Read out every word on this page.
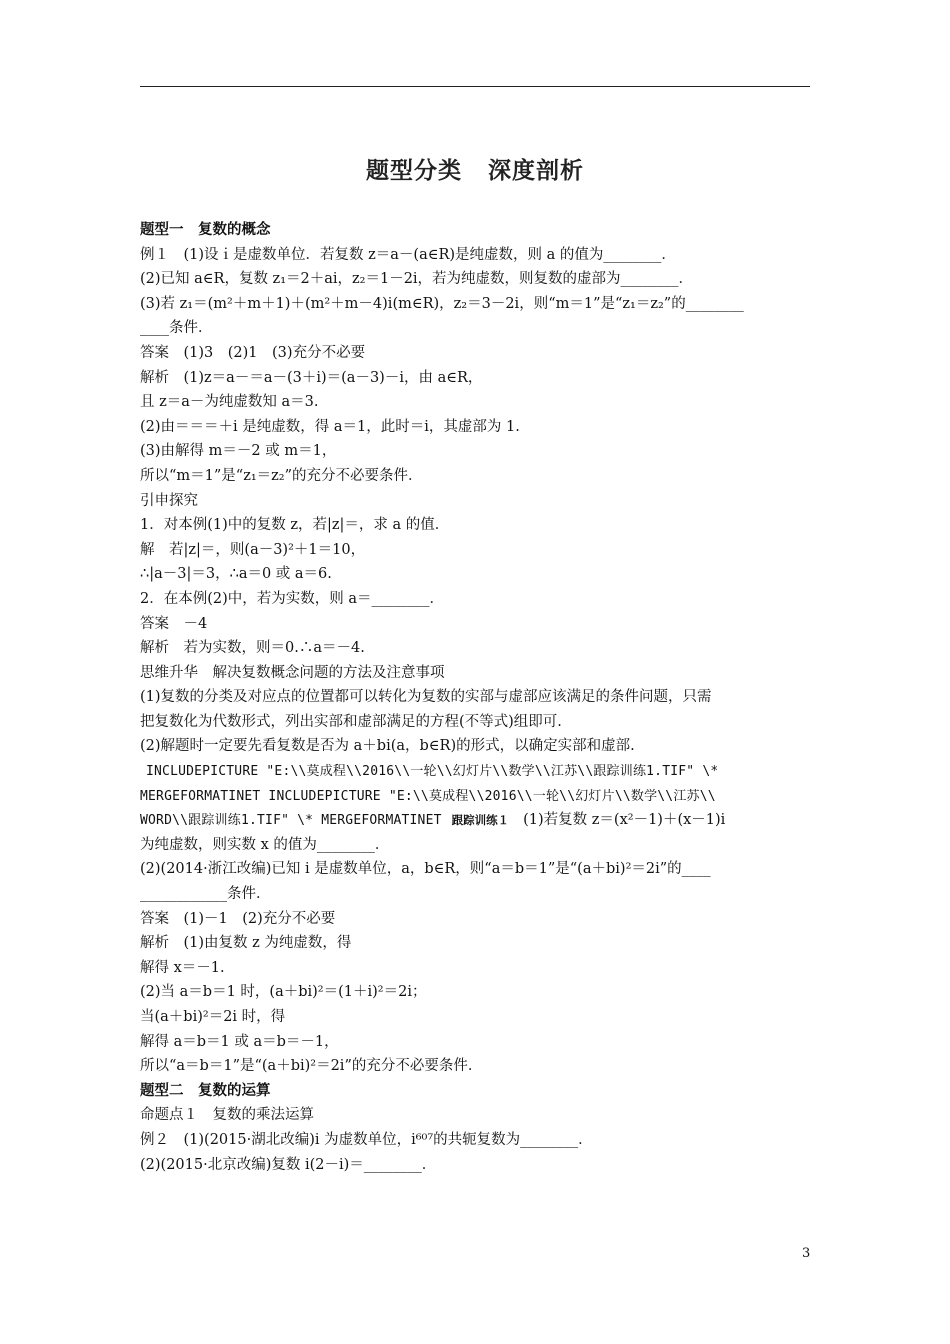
题型分类 深度剖析
题型一　复数的概念
例１　(1)设ｉ是虚数单位．若复数 z＝a－(a∈R)是纯虚数，则 a 的值为________．
(2)已知 a∈R，复数 z₁＝2＋ai，z₂＝1－2i，若为纯虚数，则复数的虚部为________．
(3)若 z₁＝(m²＋m＋1)＋(m²＋m－4)i(m∈R)，z₂＝3－2i，则“m＝1”是“z₁＝z₂”的________
____条件．
答案　(1)3　(2)1　(3)充分不必要
解析　(1)z＝a－＝a－(3＋i)＝(a－3)－i，由 a∈R，
且 z＝a－为纯虚数知 a＝3.
(2)由＝＝＝＋i 是纯虚数，得 a＝1，此时＝i，其虚部为 1.
(3)由解得 m＝－2 或 m＝1，
所以“m＝1”是“z₁＝z₂”的充分不必要条件．
引申探究
1．对本例(1)中的复数 z，若|z|＝，求 a 的值．
解　若|z|＝，则(a－3)²＋1＝10，
∴|a－3|＝3，∴a＝0 或 a＝6.
2．在本例(2)中，若为实数，则 a＝________．
答案　－4
解析　若为实数，则＝0.∴a＝－4.
思维升华　解决复数概念问题的方法及注意事项
(1)复数的分类及对应点的位置都可以转化为复数的实部与虚部应该满足的条件问题，只需
把复数化为代数形式，列出实部和虚部满足的方程(不等式)组即可.
(2)解题时一定要先看复数是否为 a＋bi(a，b∈R)的形式，以确定实部和虚部.
INCLUDEPICTURE "E:\\莫成程\\2016\\一轮\\幻灯片\\数学\\江苏\\跟踪训练1.TIF" \*
MERGEFORMATINET INCLUDEPICTURE "E:\\莫成程\\2016\\一轮\\幻灯片\\数学\\江苏\\
WORD\\跟踪训练1.TIF" \* MERGEFORMATINET 跟踪训练１ (1)若复数 z＝(x²－1)＋(x－1)i
为纯虚数，则实数 x 的值为________．
(2)(2014·浙江改编)已知 i 是虚数单位，a，b∈R，则“a＝b＝1”是“(a＋bi)²＝2i”的____
____________条件．
答案　(1)－1　(2)充分不必要
解析　(1)由复数 z 为纯虚数，得
解得 x＝－1.
(2)当 a＝b＝1 时，(a＋bi)²＝(1＋i)²＝2i；
当(a＋bi)²＝2i 时，得
解得 a＝b＝1 或 a＝b＝－1，
所以“a＝b＝1”是“(a＋bi)²＝2i”的充分不必要条件．
题型二　复数的运算
命题点１　复数的乘法运算
例２　(1)(2015·湖北改编)i 为虚数单位，i⁶⁰⁷的共轭复数为________．
(2)(2015·北京改编)复数 i(2－i)＝________．
3
